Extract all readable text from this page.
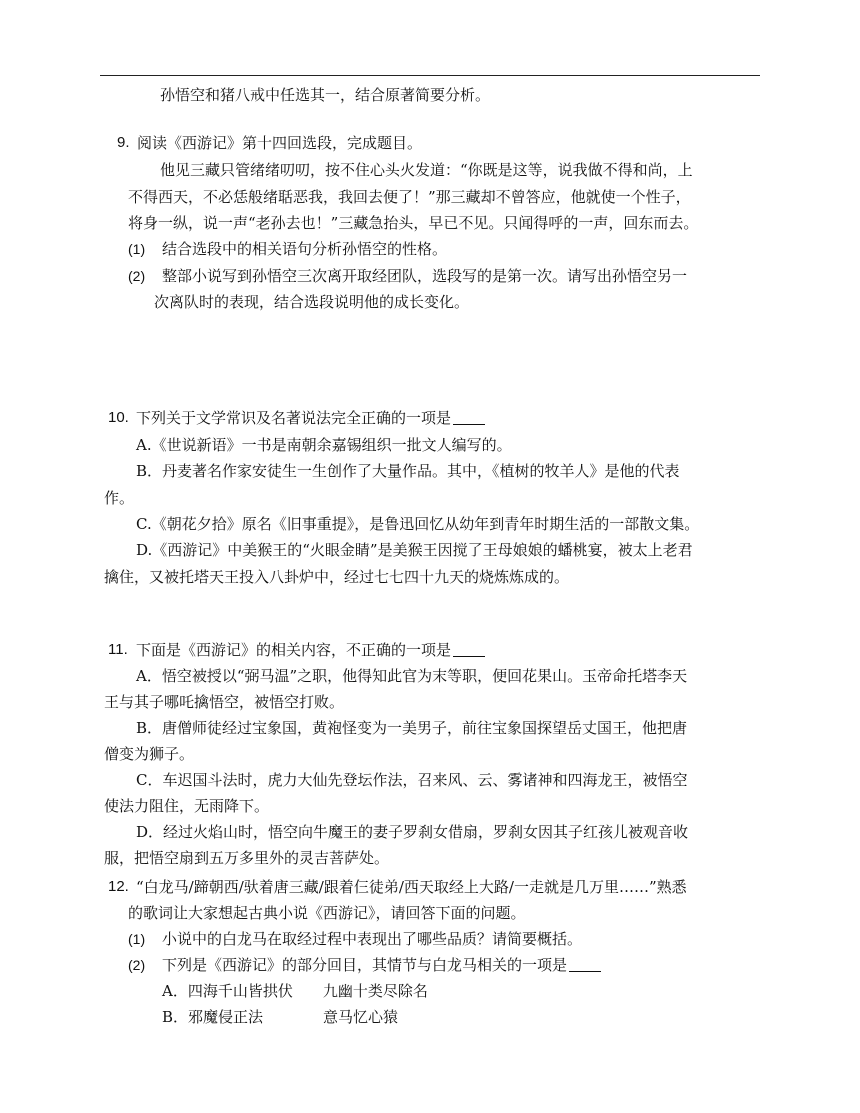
孙悟空和猪八戒中任选其一，结合原著简要分析。
9. 阅读《西游记》第十四回选段，完成题目。
他见三藏只管绪绪叨叨，按不住心头火发道：“你既是这等，说我做不得和尚，上
不得西天，不必恁般绪聒恶我，我回去便了！”那三藏却不曾答应，他就使一个性子，
将身一纵，说一声“老孙去也！”三藏急抬头，早已不见。只闻得呼的一声，回东而去。
(1) 结合选段中的相关语句分析孙悟空的性格。
(2) 整部小说写到孙悟空三次离开取经团队，选段写的是第一次。请写出孙悟空另一
次离队时的表现，结合选段说明他的成长变化。
10. 下列关于文学常识及名著说法完全正确的一项是
A.《世说新语》一书是南朝余嘉锡组织一批文人编写的。
B．丹麦著名作家安徒生一生创作了大量作品。其中，《植树的牧羊人》是他的代表
作。
C.《朝花夕拾》原名《旧事重提》，是鲁迅回忆从幼年到青年时期生活的一部散文集。
D.《西游记》中美猴王的“火眼金睛”是美猴王因搅了王母娘娘的蟠桃宴，被太上老君
擒住，又被托塔天王投入八卦炉中，经过七七四十九天的烧炼炼成的。
11. 下面是《西游记》的相关内容，不正确的一项是
A．悟空被授以“弼马温”之职，他得知此官为末等职，便回花果山。玉帝命托塔李天
王与其子哪吒擒悟空，被悟空打败。
B．唐僧师徒经过宝象国，黄袍怪变为一美男子，前往宝象国探望岳丈国王，他把唐
僧变为狮子。
C．车迟国斗法时，虎力大仙先登坛作法，召来风、云、雾诸神和四海龙王，被悟空
使法力阻住，无雨降下。
D．经过火焰山时，悟空向牛魔王的妻子罗刹女借扇，罗刹女因其子红孩儿被观音收
服，把悟空扇到五万多里外的灵吉菩萨处。
12. “白龙马/蹄朝西/驮着唐三藏/跟着仨徒弟/西天取经上大路/一走就是几万里……”熟悉
的歌词让大家想起古典小说《西游记》，请回答下面的问题。
(1) 小说中的白龙马在取经过程中表现出了哪些品质？请简要概括。
(2) 下列是《西游记》的部分回目，其情节与白龙马相关的一项是
A．四海千山皆拱伏　　九幽十类尽除名
B．邪魔侵正法　　　　意马忆心猿
